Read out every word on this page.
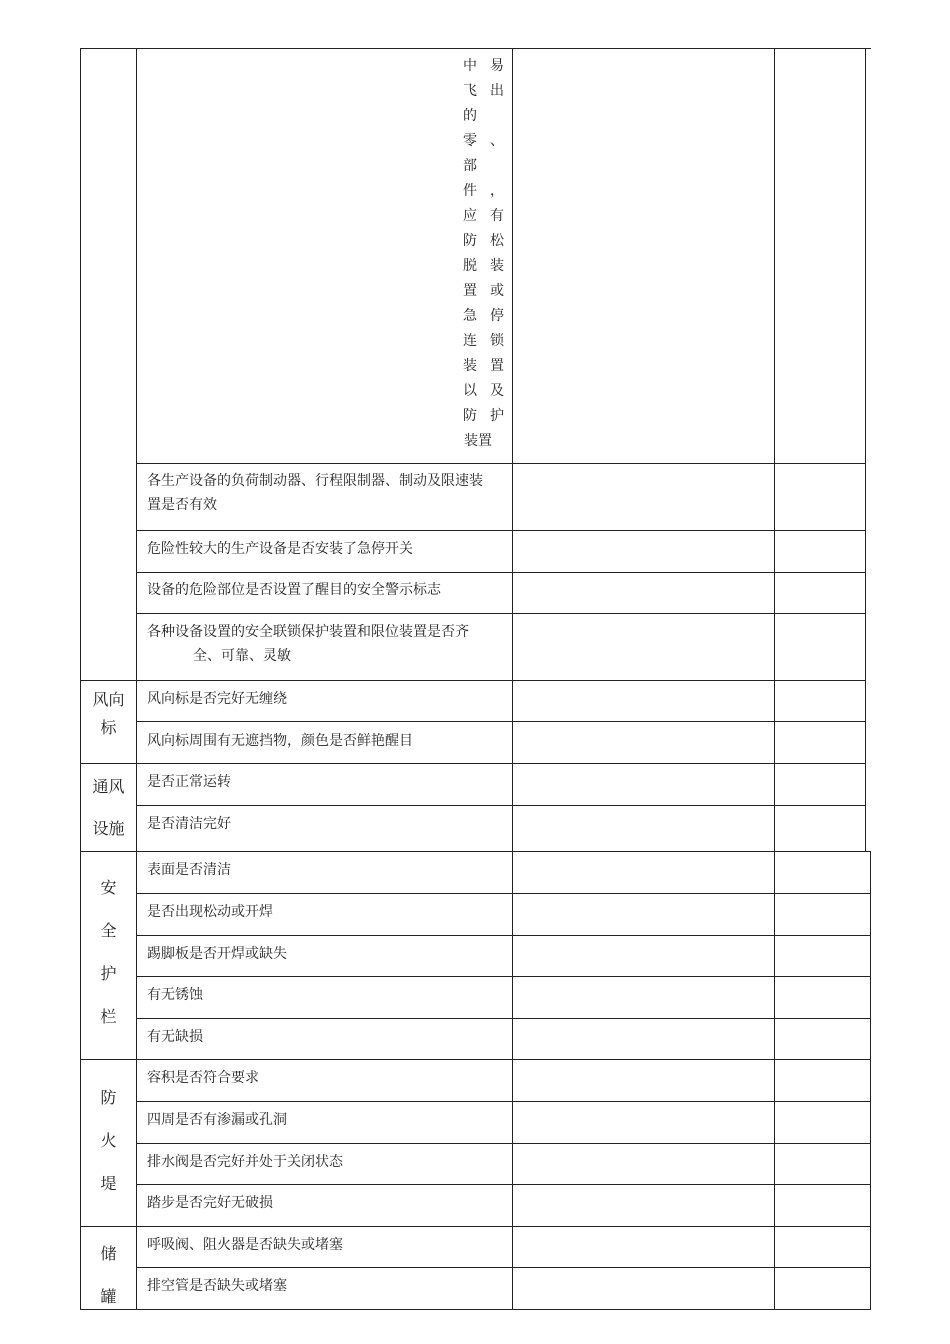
中
飞
的
零
部
件
应
防
脱
置
急
连
装
以
防
装置
易
出
、
，
有
松
装
或
停
锁
置
及
护
各生产设备的负荷制动器、行程限制器、制动及限速装
置是否有效
危险性较大的生产设备是否安装了急停开关
设备的危险部位是否设置了醒目的安全警示标志
各种设备设置的安全联锁保护装置和限位装置是否齐
全、可靠、灵敏
风向
标
风向标是否完好无缠绕
风向标周围有无遮挡物，颜色是否鲜艳醒目
通风
设施
是否正常运转
是否清洁完好
安
全
护
栏
表面是否清洁
是否出现松动或开焊
踢脚板是否开焊或缺失
有无锈蚀
有无缺损
防
火
堤
容积是否符合要求
四周是否有渗漏或孔洞
排水阀是否完好并处于关闭状态
踏步是否完好无破损
储
罐
呼吸阀、阻火器是否缺失或堵塞
排空管是否缺失或堵塞
